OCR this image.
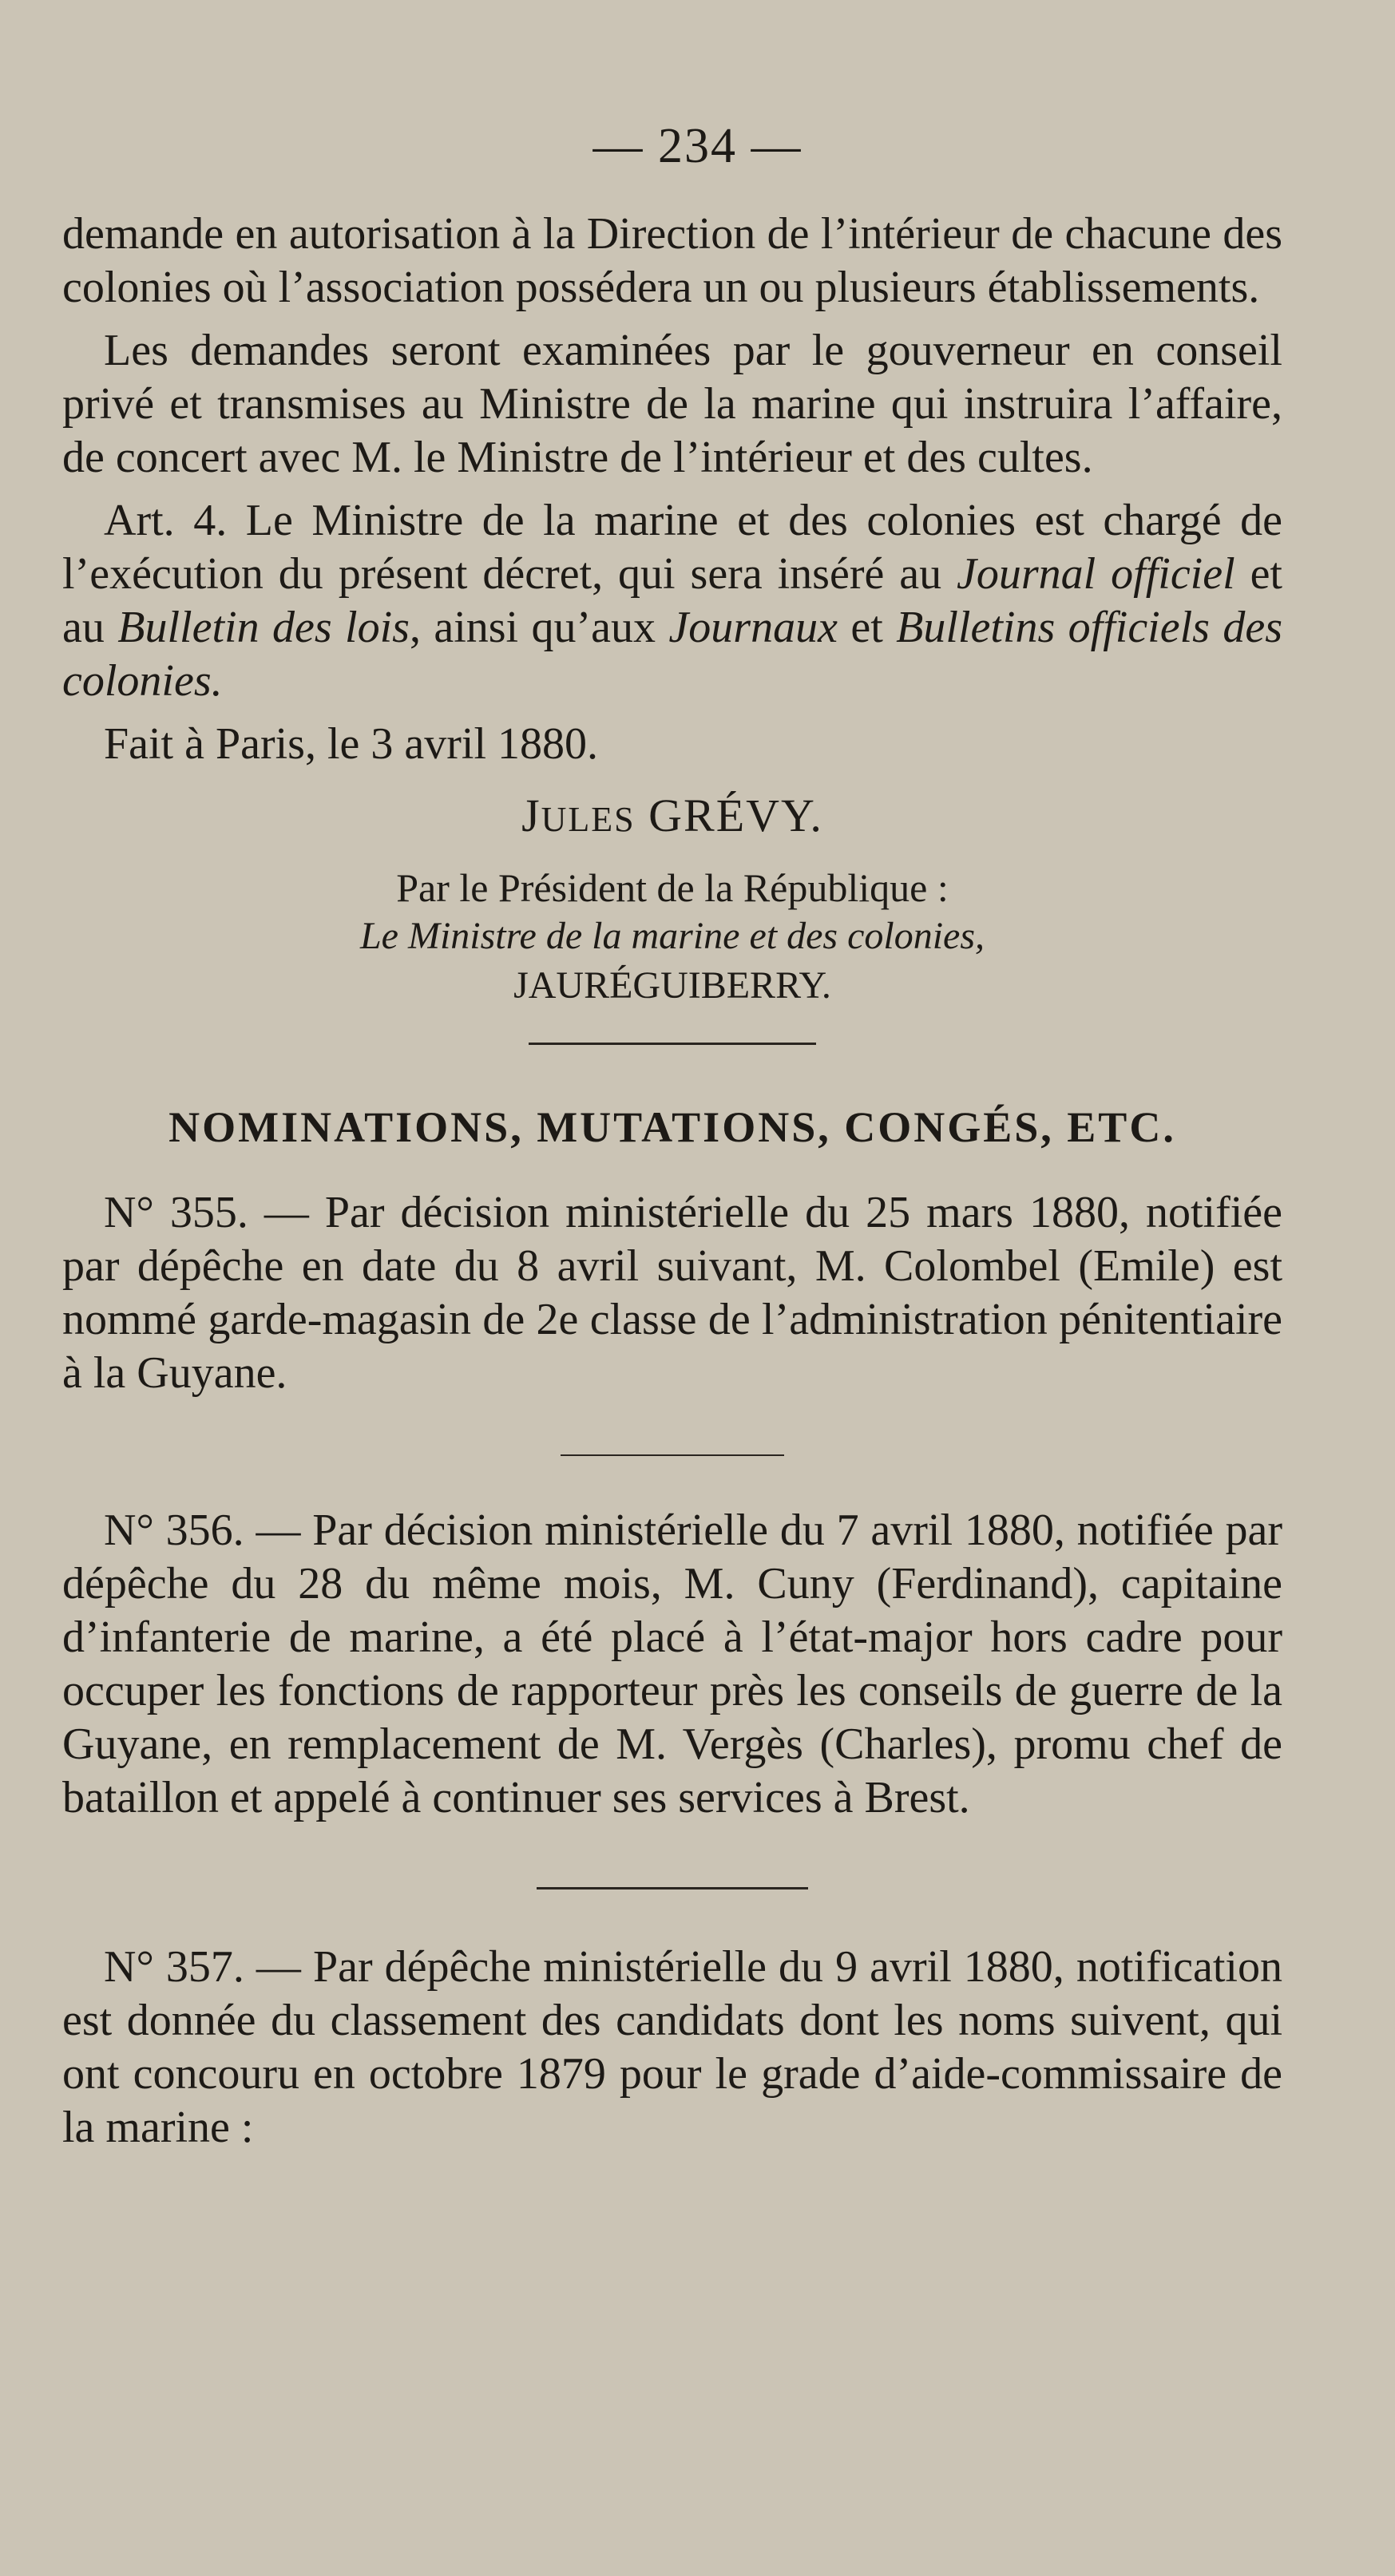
— 234 —

demande en autorisation à la Direction de l’intérieur de chacune des colonies où l’association possédera un ou plusieurs établissements.

Les demandes seront examinées par le gouverneur en conseil privé et transmises au Ministre de la marine qui instruira l’affaire, de concert avec M. le Ministre de l’intérieur et des cultes.

Art. 4. Le Ministre de la marine et des colonies est chargé de l’exécution du présent décret, qui sera inséré au Journal officiel et au Bulletin des lois, ainsi qu’aux Journaux et Bulletins officiels des colonies.

Fait à Paris, le 3 avril 1880.

JULES GRÉVY.

Par le Président de la République :

Le Ministre de la marine et des colonies,

JAURÉGUIBERRY.

NOMINATIONS, MUTATIONS, CONGÉS, ETC.

N° 355. — Par décision ministérielle du 25 mars 1880, notifiée par dépêche en date du 8 avril suivant, M. Colombel (Emile) est nommé garde-magasin de 2e classe de l’administration pénitentiaire à la Guyane.

N° 356. — Par décision ministérielle du 7 avril 1880, notifiée par dépêche du 28 du même mois, M. Cuny (Ferdinand), capitaine d’infanterie de marine, a été placé à l’état-major hors cadre pour occuper les fonctions de rapporteur près les conseils de guerre de la Guyane, en remplacement de M. Vergès (Charles), promu chef de bataillon et appelé à continuer ses services à Brest.

N° 357. — Par dépêche ministérielle du 9 avril 1880, notification est donnée du classement des candidats dont les noms suivent, qui ont concouru en octobre 1879 pour le grade d’aide-commissaire de la marine :
